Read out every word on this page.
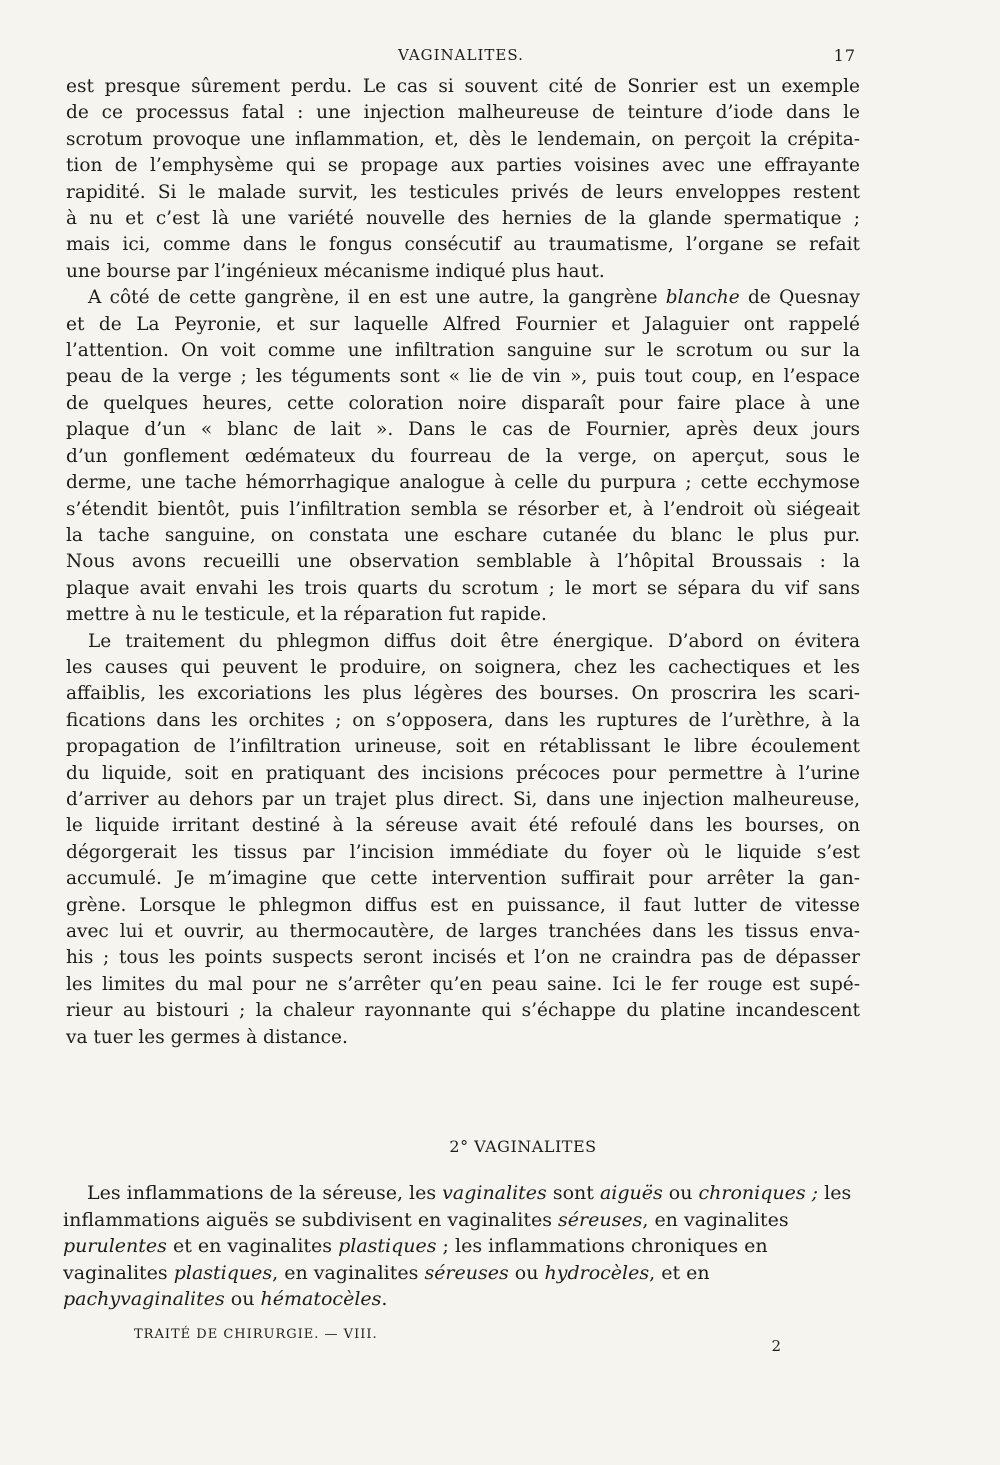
VAGINALITES.	17

est presque sûrement perdu. Le cas si souvent cité de Sonrier est un exemple
de ce processus fatal : une injection malheureuse de teinture d’iode dans le
scrotum provoque une inflammation, et, dès le lendemain, on perçoit la crépita-
tion de l’emphysème qui se propage aux parties voisines avec une effrayante
rapidité. Si le malade survit, les testicules privés de leurs enveloppes restent
à nu et c’est là une variété nouvelle des hernies de la glande spermatique ;
mais ici, comme dans le fongus consécutif au traumatisme, l’organe se refait
une bourse par l’ingénieux mécanisme indiqué plus haut.

A côté de cette gangrène, il en est une autre, la gangrène blanche de Quesnay
et de La Peyronie, et sur laquelle Alfred Fournier et Jalaguier ont rappelé
l’attention. On voit comme une infiltration sanguine sur le scrotum ou sur la
peau de la verge ; les téguments sont « lie de vin », puis tout coup, en l’espace
de quelques heures, cette coloration noire disparaît pour faire place à une
plaque d’un « blanc de lait ». Dans le cas de Fournier, après deux jours
d’un gonflement œdémateux du fourreau de la verge, on aperçut, sous le
derme, une tache hémorrhagique analogue à celle du purpura ; cette ecchymose
s’étendit bientôt, puis l’infiltration sembla se résorber et, à l’endroit où siégeait
la tache sanguine, on constata une eschare cutanée du blanc le plus pur.
Nous avons recueilli une observation semblable à l’hôpital Broussais : la
plaque avait envahi les trois quarts du scrotum ; le mort se sépara du vif sans
mettre à nu le testicule, et la réparation fut rapide.

Le traitement du phlegmon diffus doit être énergique. D’abord on évitera
les causes qui peuvent le produire, on soignera, chez les cachectiques et les
affaiblis, les excoriations les plus légères des bourses. On proscrira les scari-
fications dans les orchites ; on s’opposera, dans les ruptures de l’urèthre, à la
propagation de l’infiltration urineuse, soit en rétablissant le libre écoulement
du liquide, soit en pratiquant des incisions précoces pour permettre à l’urine
d’arriver au dehors par un trajet plus direct. Si, dans une injection malheureuse,
le liquide irritant destiné à la séreuse avait été refoulé dans les bourses, on
dégorgerait les tissus par l’incision immédiate du foyer où le liquide s’est
accumulé. Je m’imagine que cette intervention suffirait pour arrêter la gan-
grène. Lorsque le phlegmon diffus est en puissance, il faut lutter de vitesse
avec lui et ouvrir, au thermocautère, de larges tranchées dans les tissus enva-
his ; tous les points suspects seront incisés et l’on ne craindra pas de dépasser
les limites du mal pour ne s’arrêter qu’en peau saine. Ici le fer rouge est supé-
rieur au bistouri ; la chaleur rayonnante qui s’échappe du platine incandescent
va tuer les germes à distance.

2° VAGINALITES
Les inflammations de la séreuse, les vaginalites sont aiguës ou chroniques ; les inflammations aiguës se subdivisent en vaginalites séreuses, en vaginalites purulentes et en vaginalites plastiques ; les inflammations chroniques en vaginalites plastiques, en vaginalites séreuses ou hydrocèles, et en pachyvaginalites ou hématocèles.
TRAITÉ DE CHIRURGIE. — VIII.
2
